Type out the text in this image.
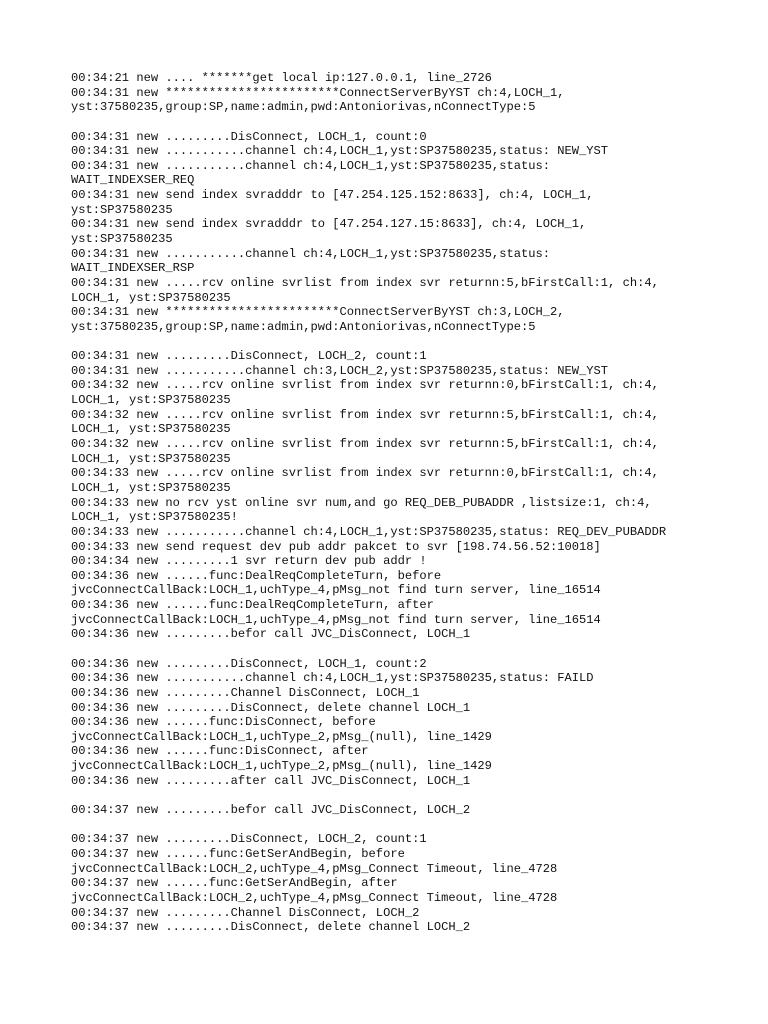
00:34:21 new .... *******get local ip:127.0.0.1, line_2726
00:34:31 new ************************ConnectServerByYST ch:4,LOCH_1,
yst:37580235,group:SP,name:admin,pwd:Antoniorivas,nConnectType:5
00:34:31 new .........DisConnect, LOCH_1, count:0
00:34:31 new ...........channel ch:4,LOCH_1,yst:SP37580235,status: NEW_YST
00:34:31 new ...........channel ch:4,LOCH_1,yst:SP37580235,status:
WAIT_INDEXSER_REQ
00:34:31 new send index svradddr to [47.254.125.152:8633], ch:4, LOCH_1,
yst:SP37580235
00:34:31 new send index svradddr to [47.254.127.15:8633], ch:4, LOCH_1,
yst:SP37580235
00:34:31 new ...........channel ch:4,LOCH_1,yst:SP37580235,status:
WAIT_INDEXSER_RSP
00:34:31 new .....rcv online svrlist from index svr returnn:5,bFirstCall:1, ch:4,
LOCH_1, yst:SP37580235
00:34:31 new ************************ConnectServerByYST ch:3,LOCH_2,
yst:37580235,group:SP,name:admin,pwd:Antoniorivas,nConnectType:5
00:34:31 new .........DisConnect, LOCH_2, count:1
00:34:31 new ...........channel ch:3,LOCH_2,yst:SP37580235,status: NEW_YST
00:34:32 new .....rcv online svrlist from index svr returnn:0,bFirstCall:1, ch:4,
LOCH_1, yst:SP37580235
00:34:32 new .....rcv online svrlist from index svr returnn:5,bFirstCall:1, ch:4,
LOCH_1, yst:SP37580235
00:34:32 new .....rcv online svrlist from index svr returnn:5,bFirstCall:1, ch:4,
LOCH_1, yst:SP37580235
00:34:33 new .....rcv online svrlist from index svr returnn:0,bFirstCall:1, ch:4,
LOCH_1, yst:SP37580235
00:34:33 new no rcv yst online svr num,and go REQ_DEB_PUBADDR ,listsize:1, ch:4,
LOCH_1, yst:SP37580235!
00:34:33 new ...........channel ch:4,LOCH_1,yst:SP37580235,status: REQ_DEV_PUBADDR
00:34:33 new send request dev pub addr pakcet to svr [198.74.56.52:10018]
00:34:34 new .........1 svr return dev pub addr !
00:34:36 new ......func:DealReqCompleteTurn, before
jvcConnectCallBack:LOCH_1,uchType_4,pMsg_not find turn server, line_16514
00:34:36 new ......func:DealReqCompleteTurn, after
jvcConnectCallBack:LOCH_1,uchType_4,pMsg_not find turn server, line_16514
00:34:36 new .........befor call JVC_DisConnect, LOCH_1
00:34:36 new .........DisConnect, LOCH_1, count:2
00:34:36 new ...........channel ch:4,LOCH_1,yst:SP37580235,status: FAILD
00:34:36 new .........Channel DisConnect, LOCH_1
00:34:36 new .........DisConnect, delete channel LOCH_1
00:34:36 new ......func:DisConnect, before
jvcConnectCallBack:LOCH_1,uchType_2,pMsg_(null), line_1429
00:34:36 new ......func:DisConnect, after
jvcConnectCallBack:LOCH_1,uchType_2,pMsg_(null), line_1429
00:34:36 new .........after call JVC_DisConnect, LOCH_1
00:34:37 new .........befor call JVC_DisConnect, LOCH_2
00:34:37 new .........DisConnect, LOCH_2, count:1
00:34:37 new ......func:GetSerAndBegin, before
jvcConnectCallBack:LOCH_2,uchType_4,pMsg_Connect Timeout, line_4728
00:34:37 new ......func:GetSerAndBegin, after
jvcConnectCallBack:LOCH_2,uchType_4,pMsg_Connect Timeout, line_4728
00:34:37 new .........Channel DisConnect, LOCH_2
00:34:37 new .........DisConnect, delete channel LOCH_2
